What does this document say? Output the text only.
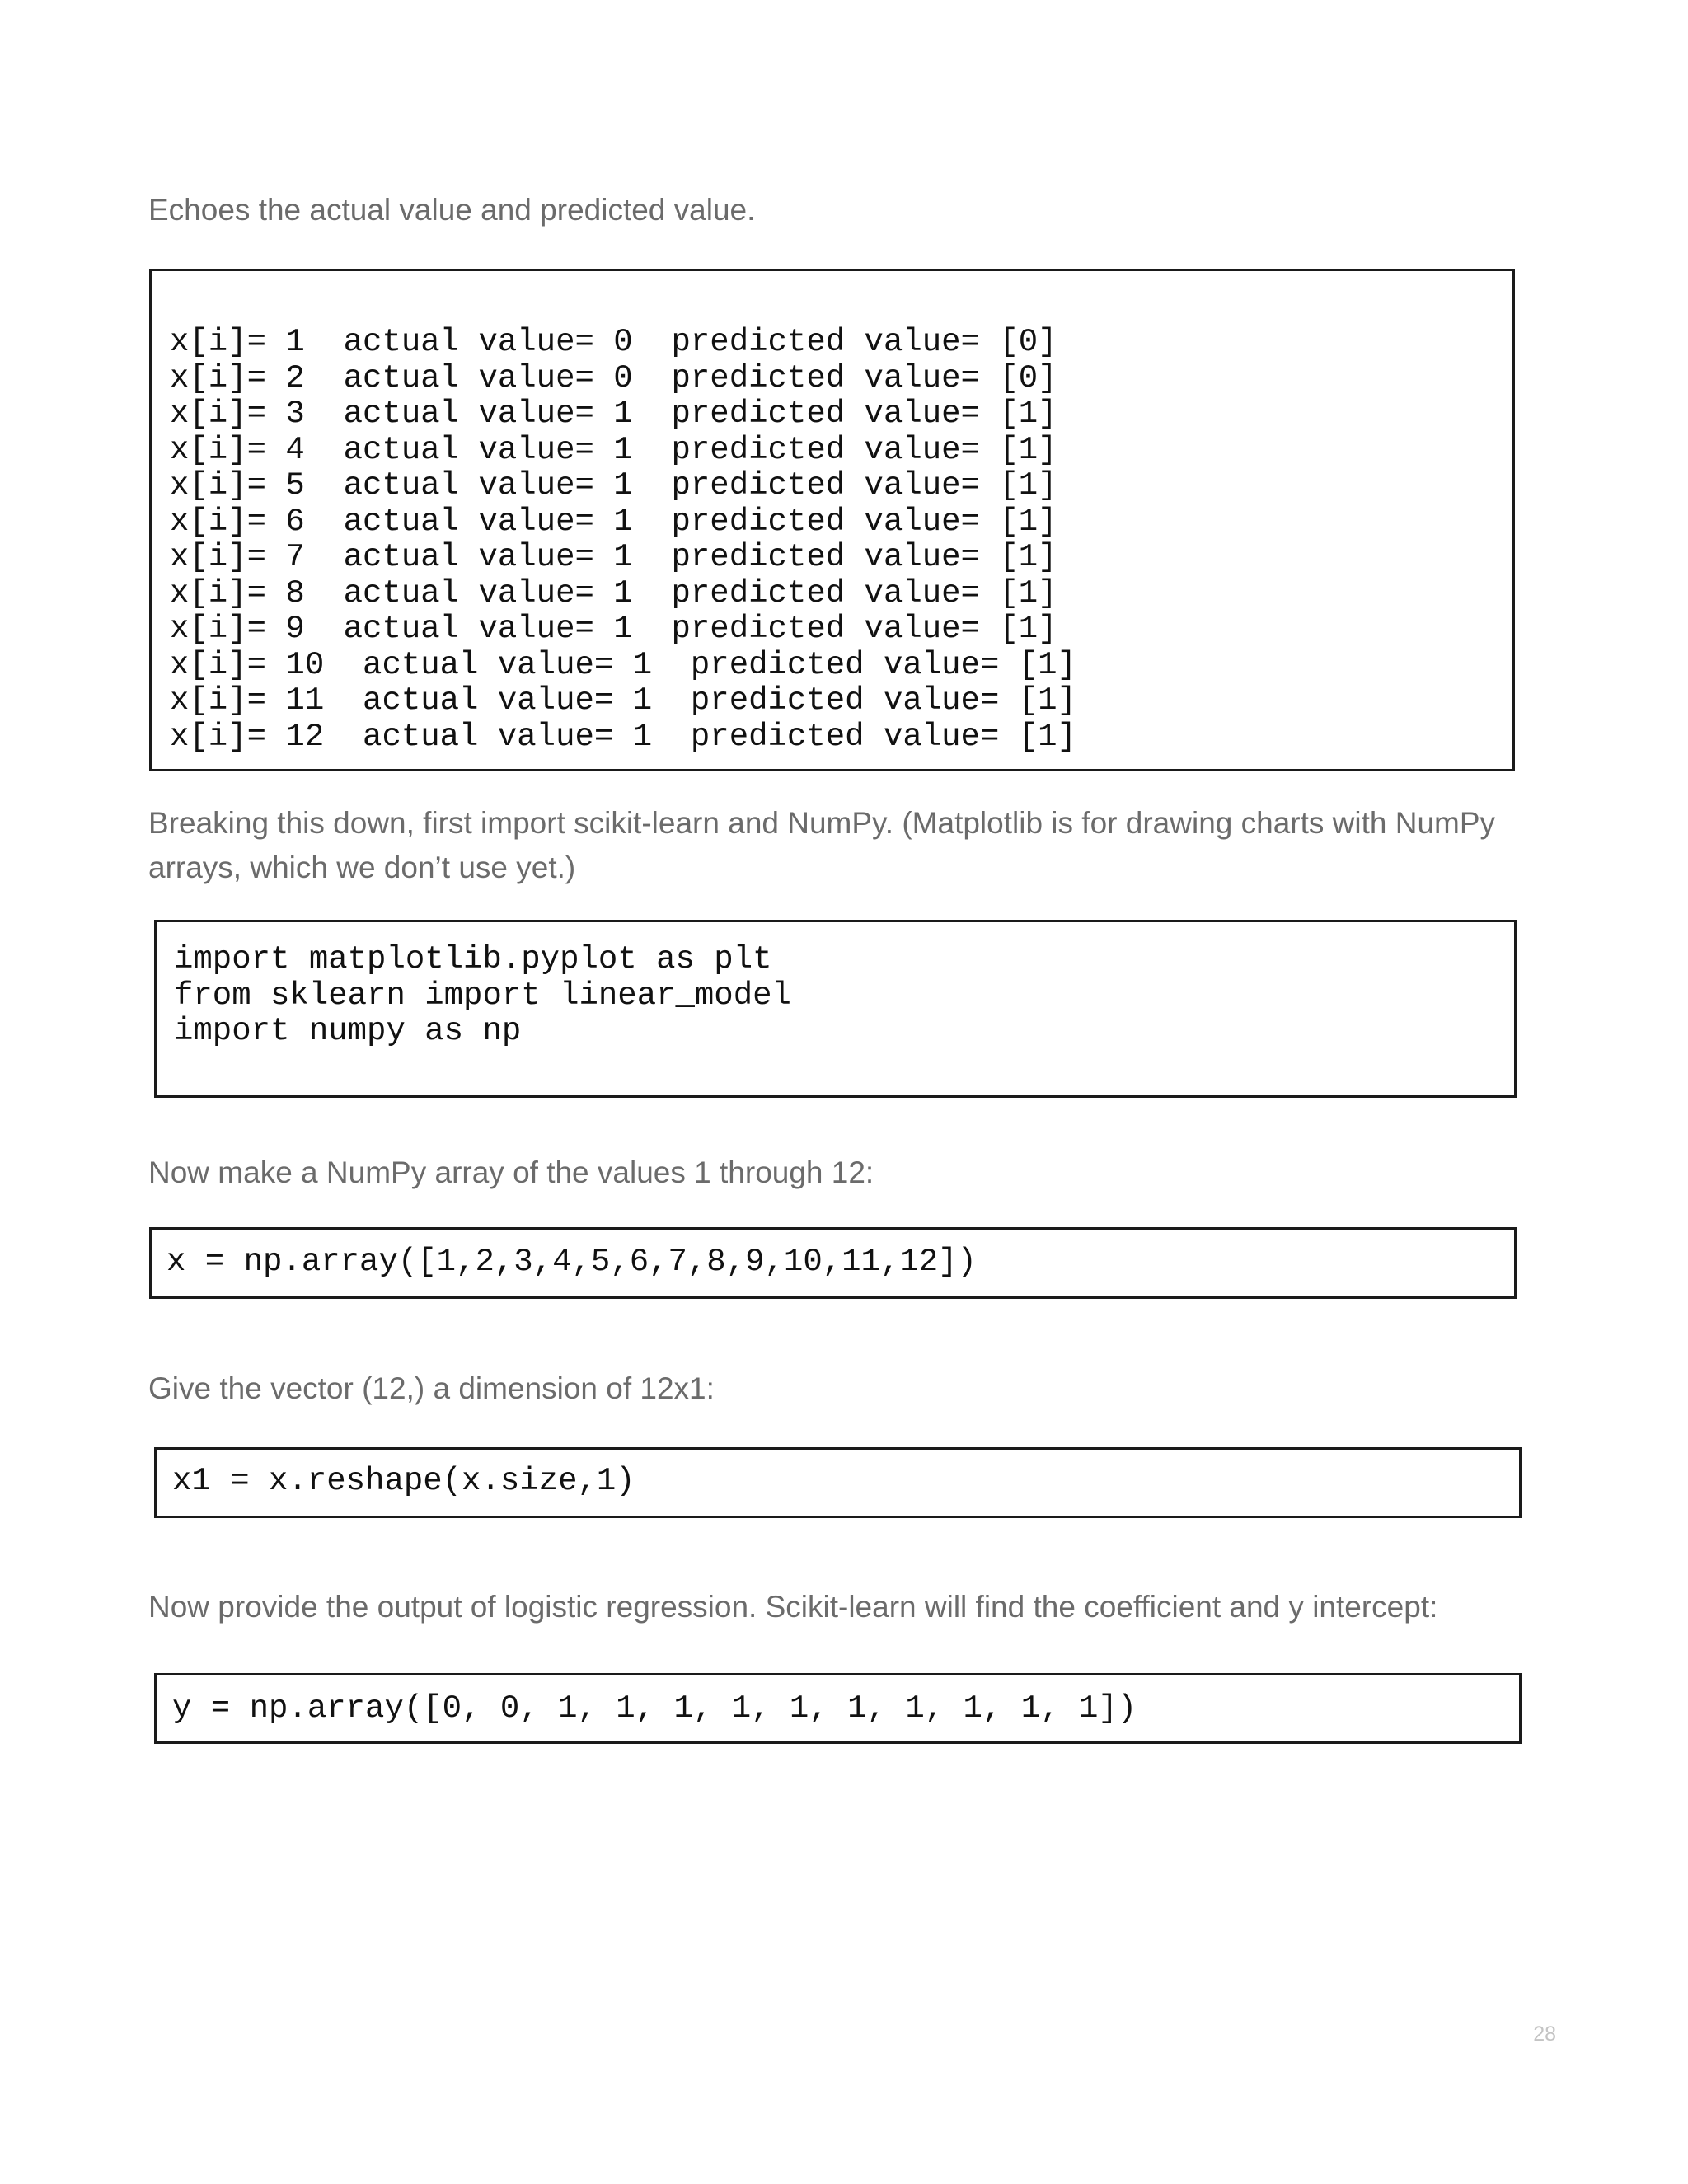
Echoes the actual value and predicted value.

x[i]= 1  actual value= 0  predicted value= [0]
x[i]= 2  actual value= 0  predicted value= [0]
x[i]= 3  actual value= 1  predicted value= [1]
x[i]= 4  actual value= 1  predicted value= [1]
x[i]= 5  actual value= 1  predicted value= [1]
x[i]= 6  actual value= 1  predicted value= [1]
x[i]= 7  actual value= 1  predicted value= [1]
x[i]= 8  actual value= 1  predicted value= [1]
x[i]= 9  actual value= 1  predicted value= [1]
x[i]= 10  actual value= 1  predicted value= [1]
x[i]= 11  actual value= 1  predicted value= [1]
x[i]= 12  actual value= 1  predicted value= [1]

Breaking this down, first import scikit-learn and NumPy. (Matplotlib is for drawing charts with NumPy arrays, which we don’t use yet.)

import matplotlib.pyplot as plt
from sklearn import linear_model
import numpy as np

Now make a NumPy array of the values 1 through 12:

x = np.array([1,2,3,4,5,6,7,8,9,10,11,12])

Give the vector (12,) a dimension of 12x1:

x1 = x.reshape(x.size,1)

Now provide the output of logistic regression. Scikit-learn will find the coefficient and y intercept:

y = np.array([0, 0, 1, 1, 1, 1, 1, 1, 1, 1, 1, 1])
28
